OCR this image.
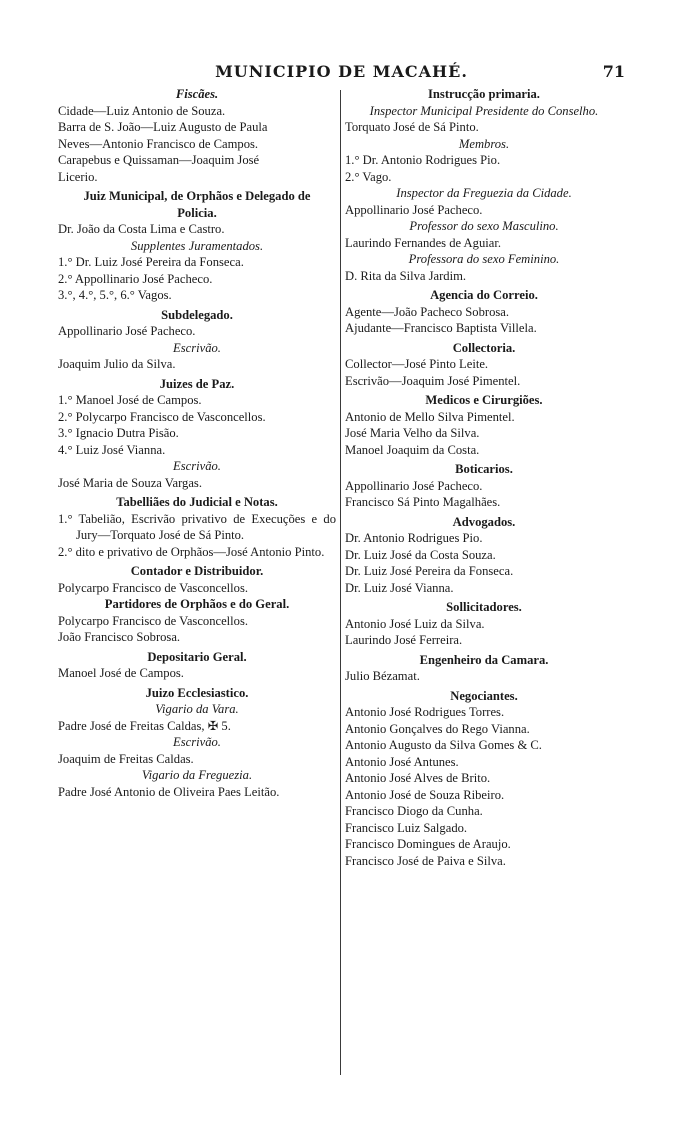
MUNICIPIO DE MACAHÉ.	71
Fiscães.
Cidade—Luiz Antonio de Souza.
Barra de S. João—Luiz Augusto de Paula
Neves—Antonio Francisco de Campos.
Carapebus e Quissaman—Joaquim José
Licerio.
Juiz Municipal, de Orphãos e Delegado de Policia.
Dr. João da Costa Lima e Castro.
Supplentes Juramentados.
1.° Dr. Luiz José Pereira da Fonseca.
2.° Appollinario José Pacheco.
3.°, 4.°, 5.°, 6.° Vagos.
Subdelegado.
Appollinario José Pacheco.
Escrivão.
Joaquim Julio da Silva.
Juizes de Paz.
1.° Manoel José de Campos.
2.° Polycarpo Francisco de Vasconcellos.
3.° Ignacio Dutra Pisão.
4.° Luiz José Vianna.
Escrivão.
José Maria de Souza Vargas.
Tabelliães do Judicial e Notas.
1.° Tabelião, Escrivão privativo de Execuções e do Jury—Torquato José de Sá Pinto.
2.° dito e privativo de Orphãos—José Antonio Pinto.
Contador e Distribuidor.
Polycarpo Francisco de Vasconcellos.
Partidores de Orphãos e do Geral.
Polycarpo Francisco de Vasconcellos.
João Francisco Sobrosa.
Depositario Geral.
Manoel José de Campos.
Juizo Ecclesiastico.
Vigario da Vara.
Padre José de Freitas Caldas, ✠ 5.
Escrivão.
Joaquim de Freitas Caldas.
Vigario da Freguezia.
Padre José Antonio de Oliveira Paes Leitão.
Instrucção primaria.
Inspector Municipal Presidente do Conselho.
Torquato José de Sá Pinto.
Membros.
1.° Dr. Antonio Rodrigues Pio.
2.° Vago.
Inspector da Freguezia da Cidade.
Appollinario José Pacheco.
Professor do sexo Masculino.
Laurindo Fernandes de Aguiar.
Professora do sexo Feminino.
D. Rita da Silva Jardim.
Agencia do Correio.
Agente—João Pacheco Sobrosa.
Ajudante—Francisco Baptista Villela.
Collectoria.
Collector—José Pinto Leite.
Escrivão—Joaquim José Pimentel.
Medicos e Cirurgiões.
Antonio de Mello Silva Pimentel.
José Maria Velho da Silva.
Manoel Joaquim da Costa.
Boticarios.
Appollinario José Pacheco.
Francisco Sá Pinto Magalhães.
Advogados.
Dr. Antonio Rodrigues Pio.
Dr. Luiz José da Costa Souza.
Dr. Luiz José Pereira da Fonseca.
Dr. Luiz José Vianna.
Sollicitadores.
Antonio José Luiz da Silva.
Laurindo José Ferreira.
Engenheiro da Camara.
Julio Bézamat.
Negociantes.
Antonio José Rodrigues Torres.
Antonio Gonçalves do Rego Vianna.
Antonio Augusto da Silva Gomes & C.
Antonio José Antunes.
Antonio José Alves de Brito.
Antonio José de Souza Ribeiro.
Francisco Diogo da Cunha.
Francisco Luiz Salgado.
Francisco Domingues de Araujo.
Francisco José de Paiva e Silva.
